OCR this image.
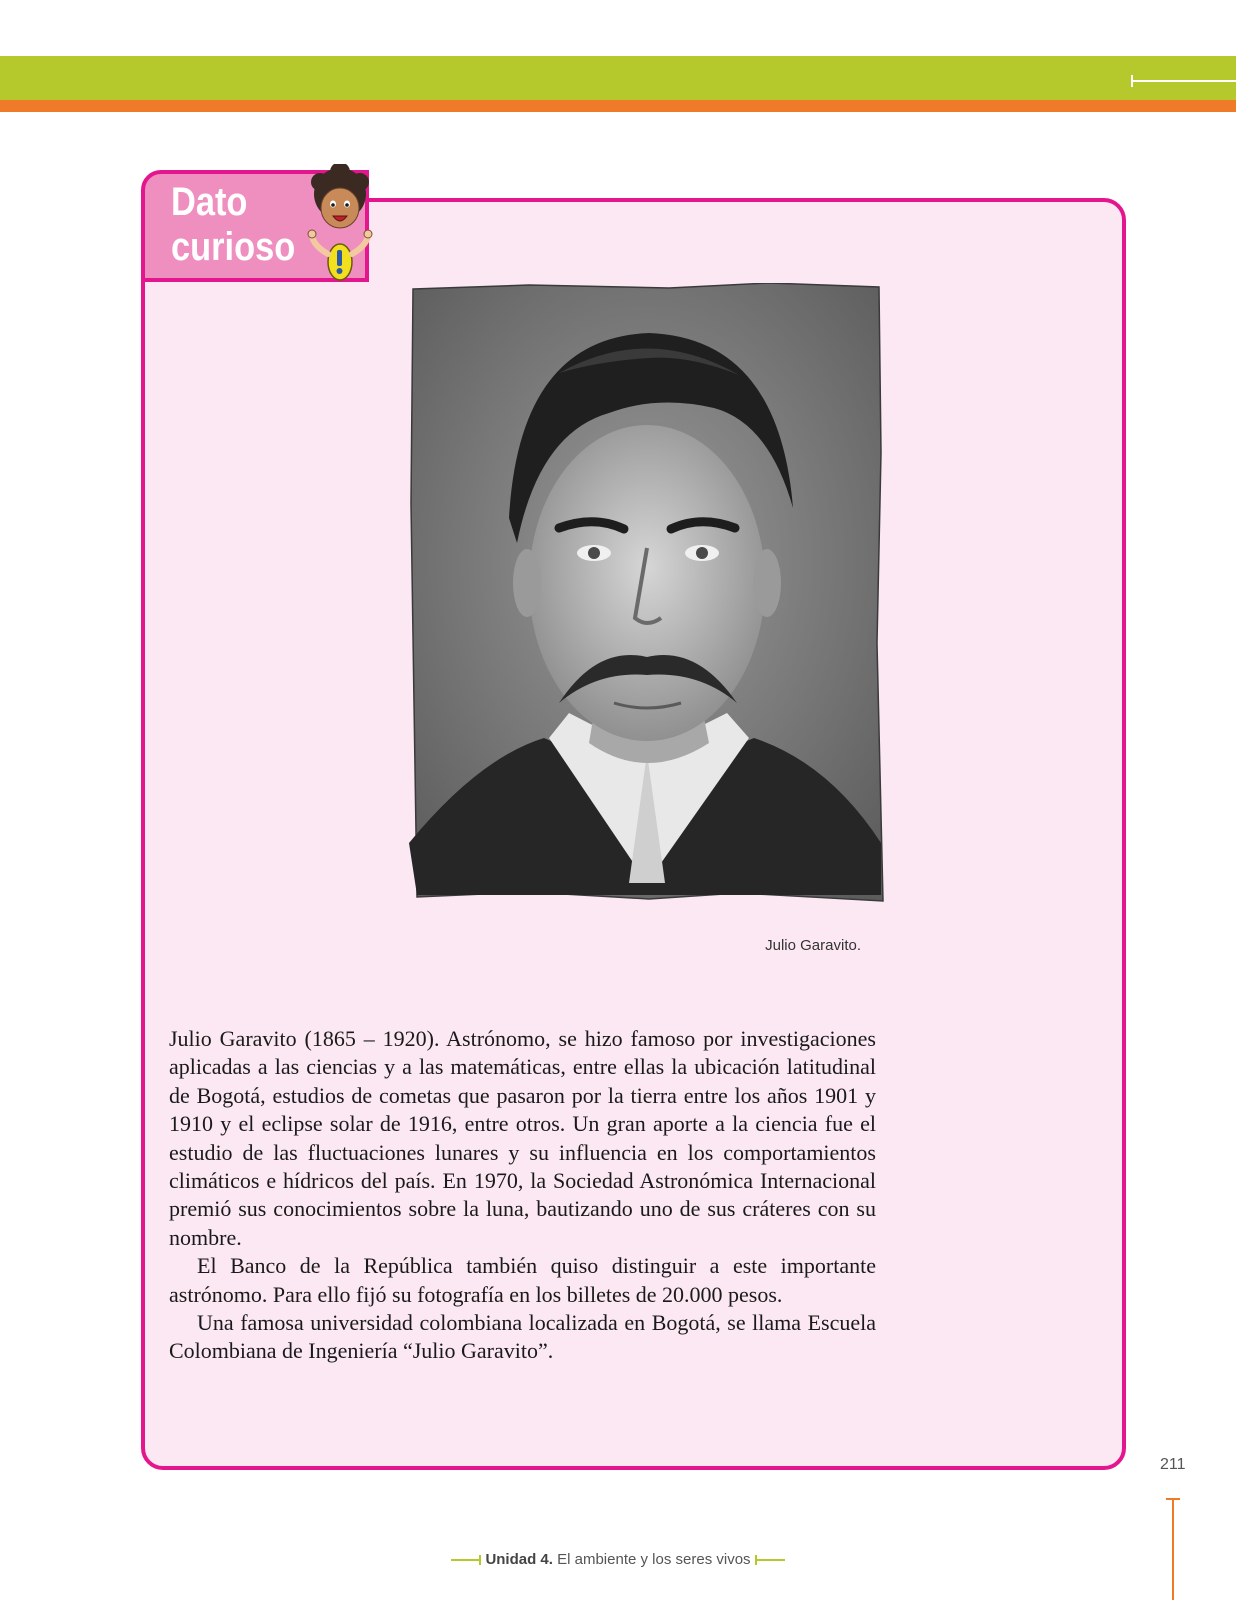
Dato
curioso

Julio Garavito.

Julio Garavito (1865 – 1920). Astrónomo, se hizo famoso por investigaciones aplicadas a las ciencias y a las matemáticas, entre ellas la ubicación latitudinal de Bogotá, estudios de cometas que pasaron por la tierra entre los años 1901 y 1910 y el eclipse solar de 1916, entre otros. Un gran aporte a la ciencia fue el estudio de las fluctuaciones lunares y su influencia en los comportamientos climáticos e hídricos del país. En 1970, la Sociedad Astronómica Internacional premió sus conocimientos sobre la luna, bautizando uno de sus cráteres con su nombre.

El Banco de la República también quiso distinguir a este importante astrónomo. Para ello fijó su fotografía en los billetes de 20.000 pesos.

Una famosa universidad colombiana localizada en Bogotá, se llama Escuela Colombiana de Ingeniería “Julio Garavito”.

211
Unidad 4. El ambiente y los seres vivos
